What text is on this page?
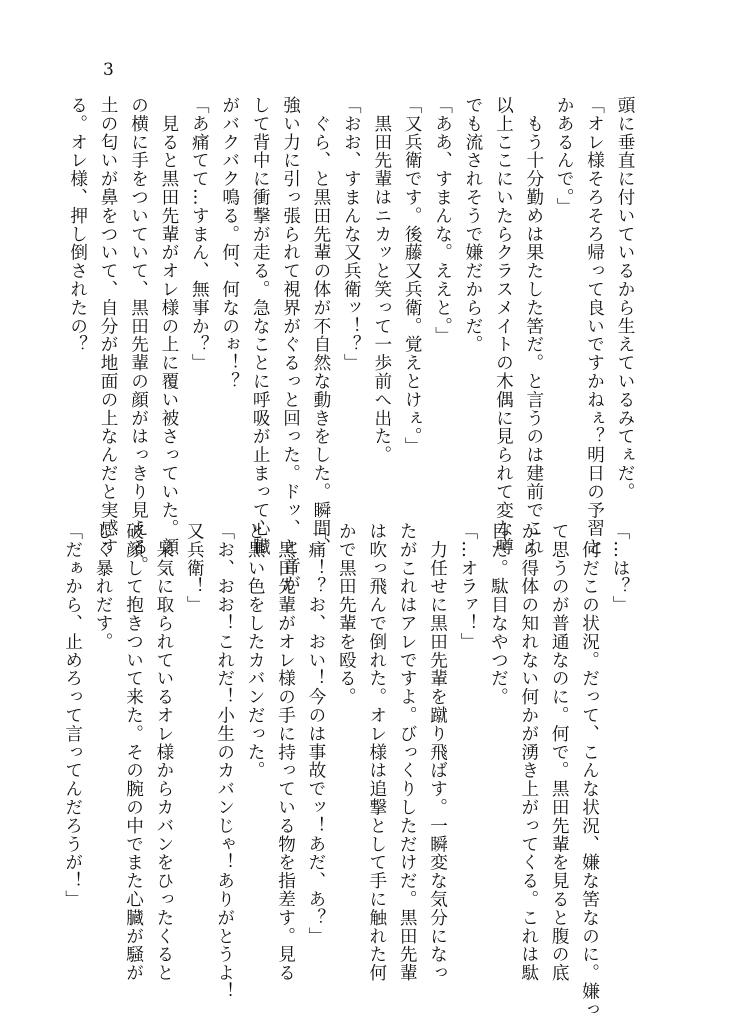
3
頭に垂直に付いているから生えているみてぇだ。
「オレ様そろそろ帰って良いですかねぇ？明日の予習と
かあるんで。」
　もう十分勤めは果たした筈だ。と言うのは建前でこれ
以上ここにいたらクラスメイトの木偶に見られて変な噂
でも流されそうで嫌だからだ。
「ああ、すまんな。ええと。」
「又兵衛です。後藤又兵衛。覚えとけぇ。」
　黒田先輩はニカッと笑って一歩前へ出た。
「おお、すまんな又兵衛ッ！？」
　ぐら、と黒田先輩の体が不自然な動きをした。瞬間、
強い力に引っ張られて視界がぐるっと回った。ドッ、と音が
して背中に衝撃が走る。急なことに呼吸が止まって心臓
がバクバク鳴る。何、何なのぉ！？
「あ痛てて…すまん、無事か？」
　見ると黒田先輩がオレ様の上に覆い被さっていた。顔
の横に手をついていて、黒田先輩の顔がはっきり見える。
土の匂いが鼻をついて、自分が地面の上なんだと実感す
る。オレ様、押し倒されたの？
「…は？」
　何だこの状況。だって、こんな状況、嫌な筈なのに。嫌っ
て思うのが普通なのに。何で。黒田先輩を見ると腹の底
から得体の知れない何かが湧き上がってくる。これは駄
目だ。駄目なやつだ。
「…オラァ！」
　力任せに黒田先輩を蹴り飛ばす。一瞬変な気分になっ
たがこれはアレですよ。びっくりしただけだ。黒田先輩
は吹っ飛んで倒れた。オレ様は追撃として手に触れた何
かで黒田先輩を殴る。
「痛！？お、おい！今のは事故でッ！あだ、あ？」
　黒田先輩がオレ様の手に持っている物を指差す。見る
と黒い色をしたカバンだった。
「お、おお！これだ！小生のカバンじゃ！ありがとうよ！
又兵衛！」
　呆気に取られているオレ様からカバンをひったくると
破顔して抱きついて来た。その腕の中でまた心臓が騒が
しく暴れだす。
「だぁから、止めろって言ってんだろうが！」
